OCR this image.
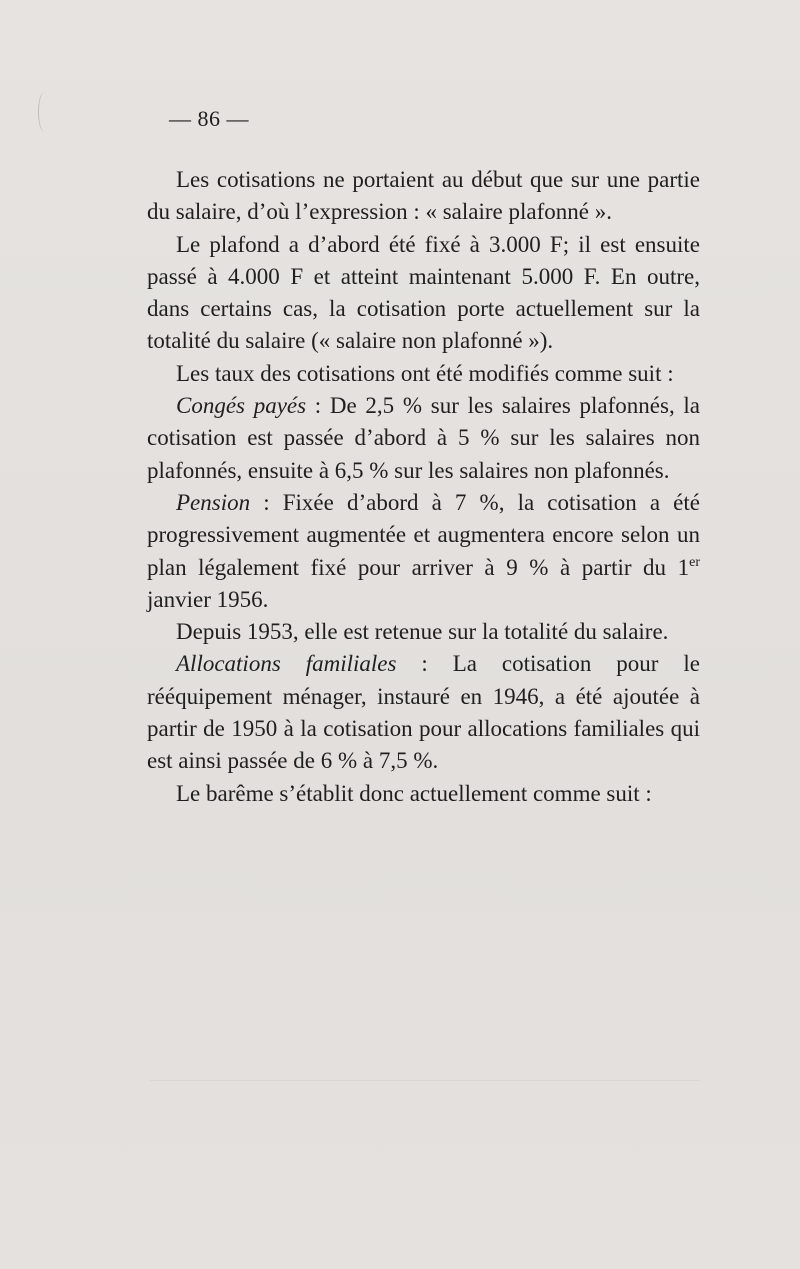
— 86 —

Les cotisations ne portaient au début que sur une partie du salaire, d’où l’expression : « salaire plafonné ».

Le plafond a d’abord été fixé à 3.000 F; il est ensuite passé à 4.000 F et atteint maintenant 5.000 F. En outre, dans certains cas, la cotisation porte actuellement sur la totalité du salaire (« salaire non plafonné »).

Les taux des cotisations ont été modifiés comme suit :

Congés payés : De 2,5 % sur les salaires plafonnés, la cotisation est passée d’abord à 5 % sur les salaires non plafonnés, ensuite à 6,5 % sur les salaires non plafonnés.

Pension : Fixée d’abord à 7 %, la cotisation a été progressivement augmentée et augmentera encore selon un plan légalement fixé pour arriver à 9 % à partir du 1er janvier 1956.

Depuis 1953, elle est retenue sur la totalité du salaire.

Allocations familiales : La cotisation pour le rééquipement ménager, instauré en 1946, a été ajoutée à partir de 1950 à la cotisation pour allocations familiales qui est ainsi passée de 6 % à 7,5 %.

Le barême s’établit donc actuellement comme suit :
